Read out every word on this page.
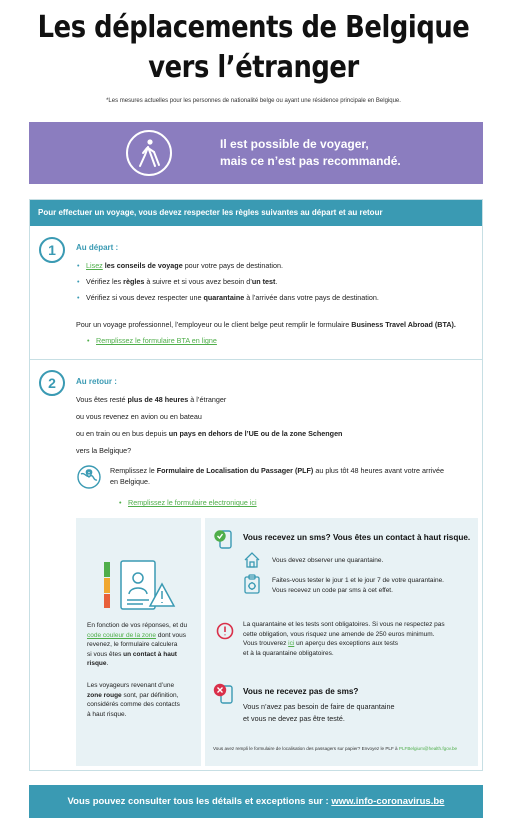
Les déplacements de Belgique
vers l’étranger
*Les mesures actuelles pour les personnes de nationalité belge ou ayant une résidence principale en Belgique.
Il est possible de voyager,
mais ce n’est pas recommandé.
Pour effectuer un voyage, vous devez respecter les règles suivantes au départ et au retour
1	Au départ :
• Lisez les conseils de voyage pour votre pays de destination.
• Vérifiez les règles à suivre et si vous avez besoin d’un test.
• Vérifiez si vous devez respecter une quarantaine à l’arrivée dans votre pays de destination.
Pour un voyage professionnel, l’employeur ou le client belge peut remplir le formulaire Business Travel Abroad (BTA).
• Remplissez le formulaire BTA en ligne
2	Au retour :
Vous êtes resté plus de 48 heures à l’étranger
ou vous revenez en avion ou en bateau
ou en train ou en bus depuis un pays en dehors de l’UE ou de la zone Schengen
vers la Belgique?
Remplissez le Formulaire de Localisation du Passager (PLF) au plus tôt 48 heures avant votre arrivée
en Belgique.
• Remplissez le formulaire electronique ici
En fonction de vos réponses, et du
code couleur de la zone dont vous
revenez, le formulaire calculera
si vous êtes un contact à haut
risque.
Les voyageurs revenant d’une
zone rouge sont, par définition,
considérés comme des contacts
à haut risque.
Vous recevez un sms? Vous êtes un contact à haut risque.
Vous devez observer une quarantaine.
Faites-vous tester le jour 1 et le jour 7 de votre quarantaine.
Vous recevez un code par sms à cet effet.
La quarantaine et les tests sont obligatoires. Si vous ne respectez pas
cette obligation, vous risquez une amende de 250 euros minimum.
Vous trouverez ici un aperçu des exceptions aux tests
et à la quarantaine obligatoires.
Vous ne recevez pas de sms?
Vous n’avez pas besoin de faire de quarantaine
et vous ne devez pas être testé.
Vous avez rempli le formulaire de localisation des passagers sur papier? Envoyez le PLF à PLFBelgium@health.fgov.be
Vous pouvez consulter tous les détails et exceptions sur : www.info-coronavirus.be
